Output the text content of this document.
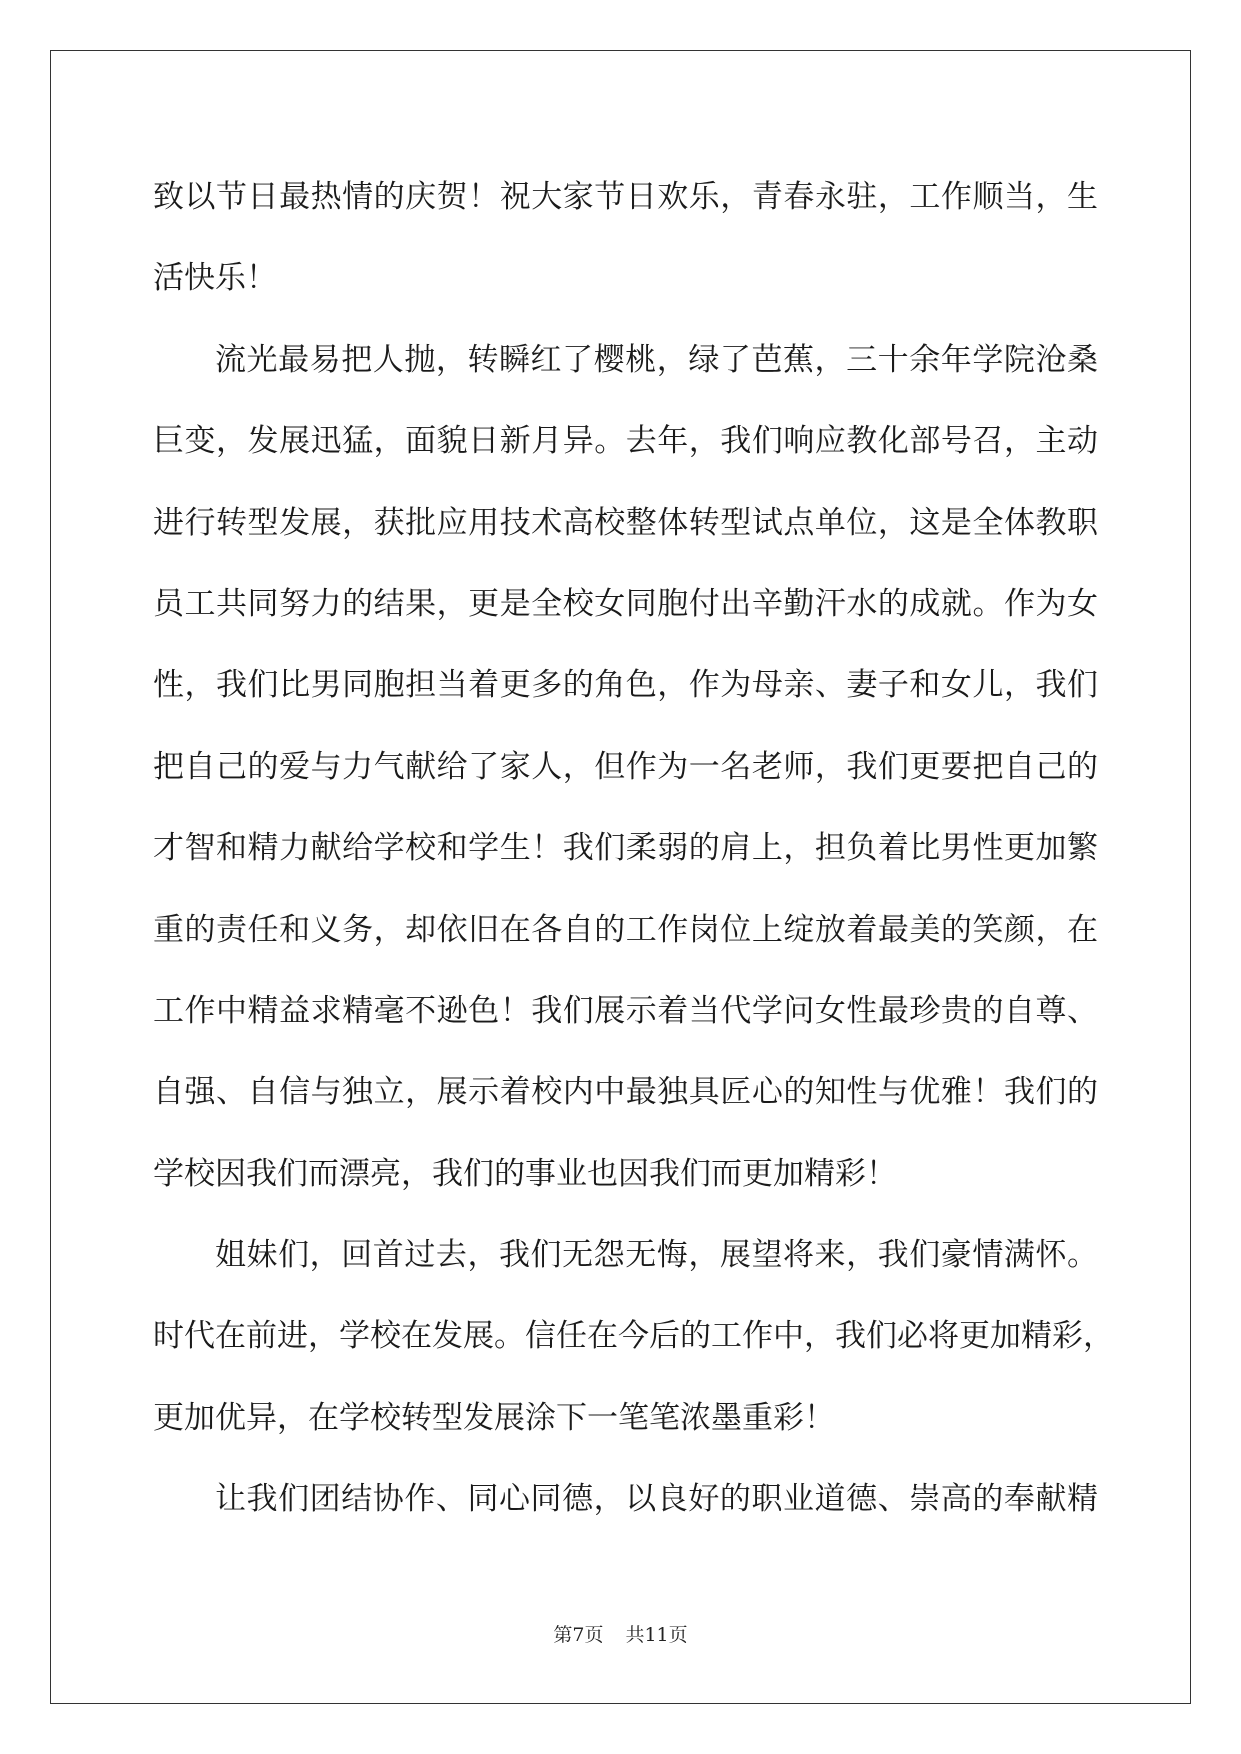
致以节日最热情的庆贺！祝大家节日欢乐，青春永驻，工作顺当，生
活快乐！
流光最易把人抛，转瞬红了樱桃，绿了芭蕉，三十余年学院沧桑
巨变，发展迅猛，面貌日新月异。去年，我们响应教化部号召，主动
进行转型发展，获批应用技术高校整体转型试点单位，这是全体教职
员工共同努力的结果，更是全校女同胞付出辛勤汗水的成就。作为女
性，我们比男同胞担当着更多的角色，作为母亲、妻子和女儿，我们
把自己的爱与力气献给了家人，但作为一名老师，我们更要把自己的
才智和精力献给学校和学生！我们柔弱的肩上，担负着比男性更加繁
重的责任和义务，却依旧在各自的工作岗位上绽放着最美的笑颜，在
工作中精益求精毫不逊色！我们展示着当代学问女性最珍贵的自尊、
自强、自信与独立，展示着校内中最独具匠心的知性与优雅！我们的
学校因我们而漂亮，我们的事业也因我们而更加精彩！
姐妹们，回首过去，我们无怨无悔，展望将来，我们豪情满怀。
时代在前进，学校在发展。信任在今后的工作中，我们必将更加精彩，
更加优异，在学校转型发展涂下一笔笔浓墨重彩！
让我们团结协作、同心同德，以良好的职业道德、崇高的奉献精
第7页 共11页
